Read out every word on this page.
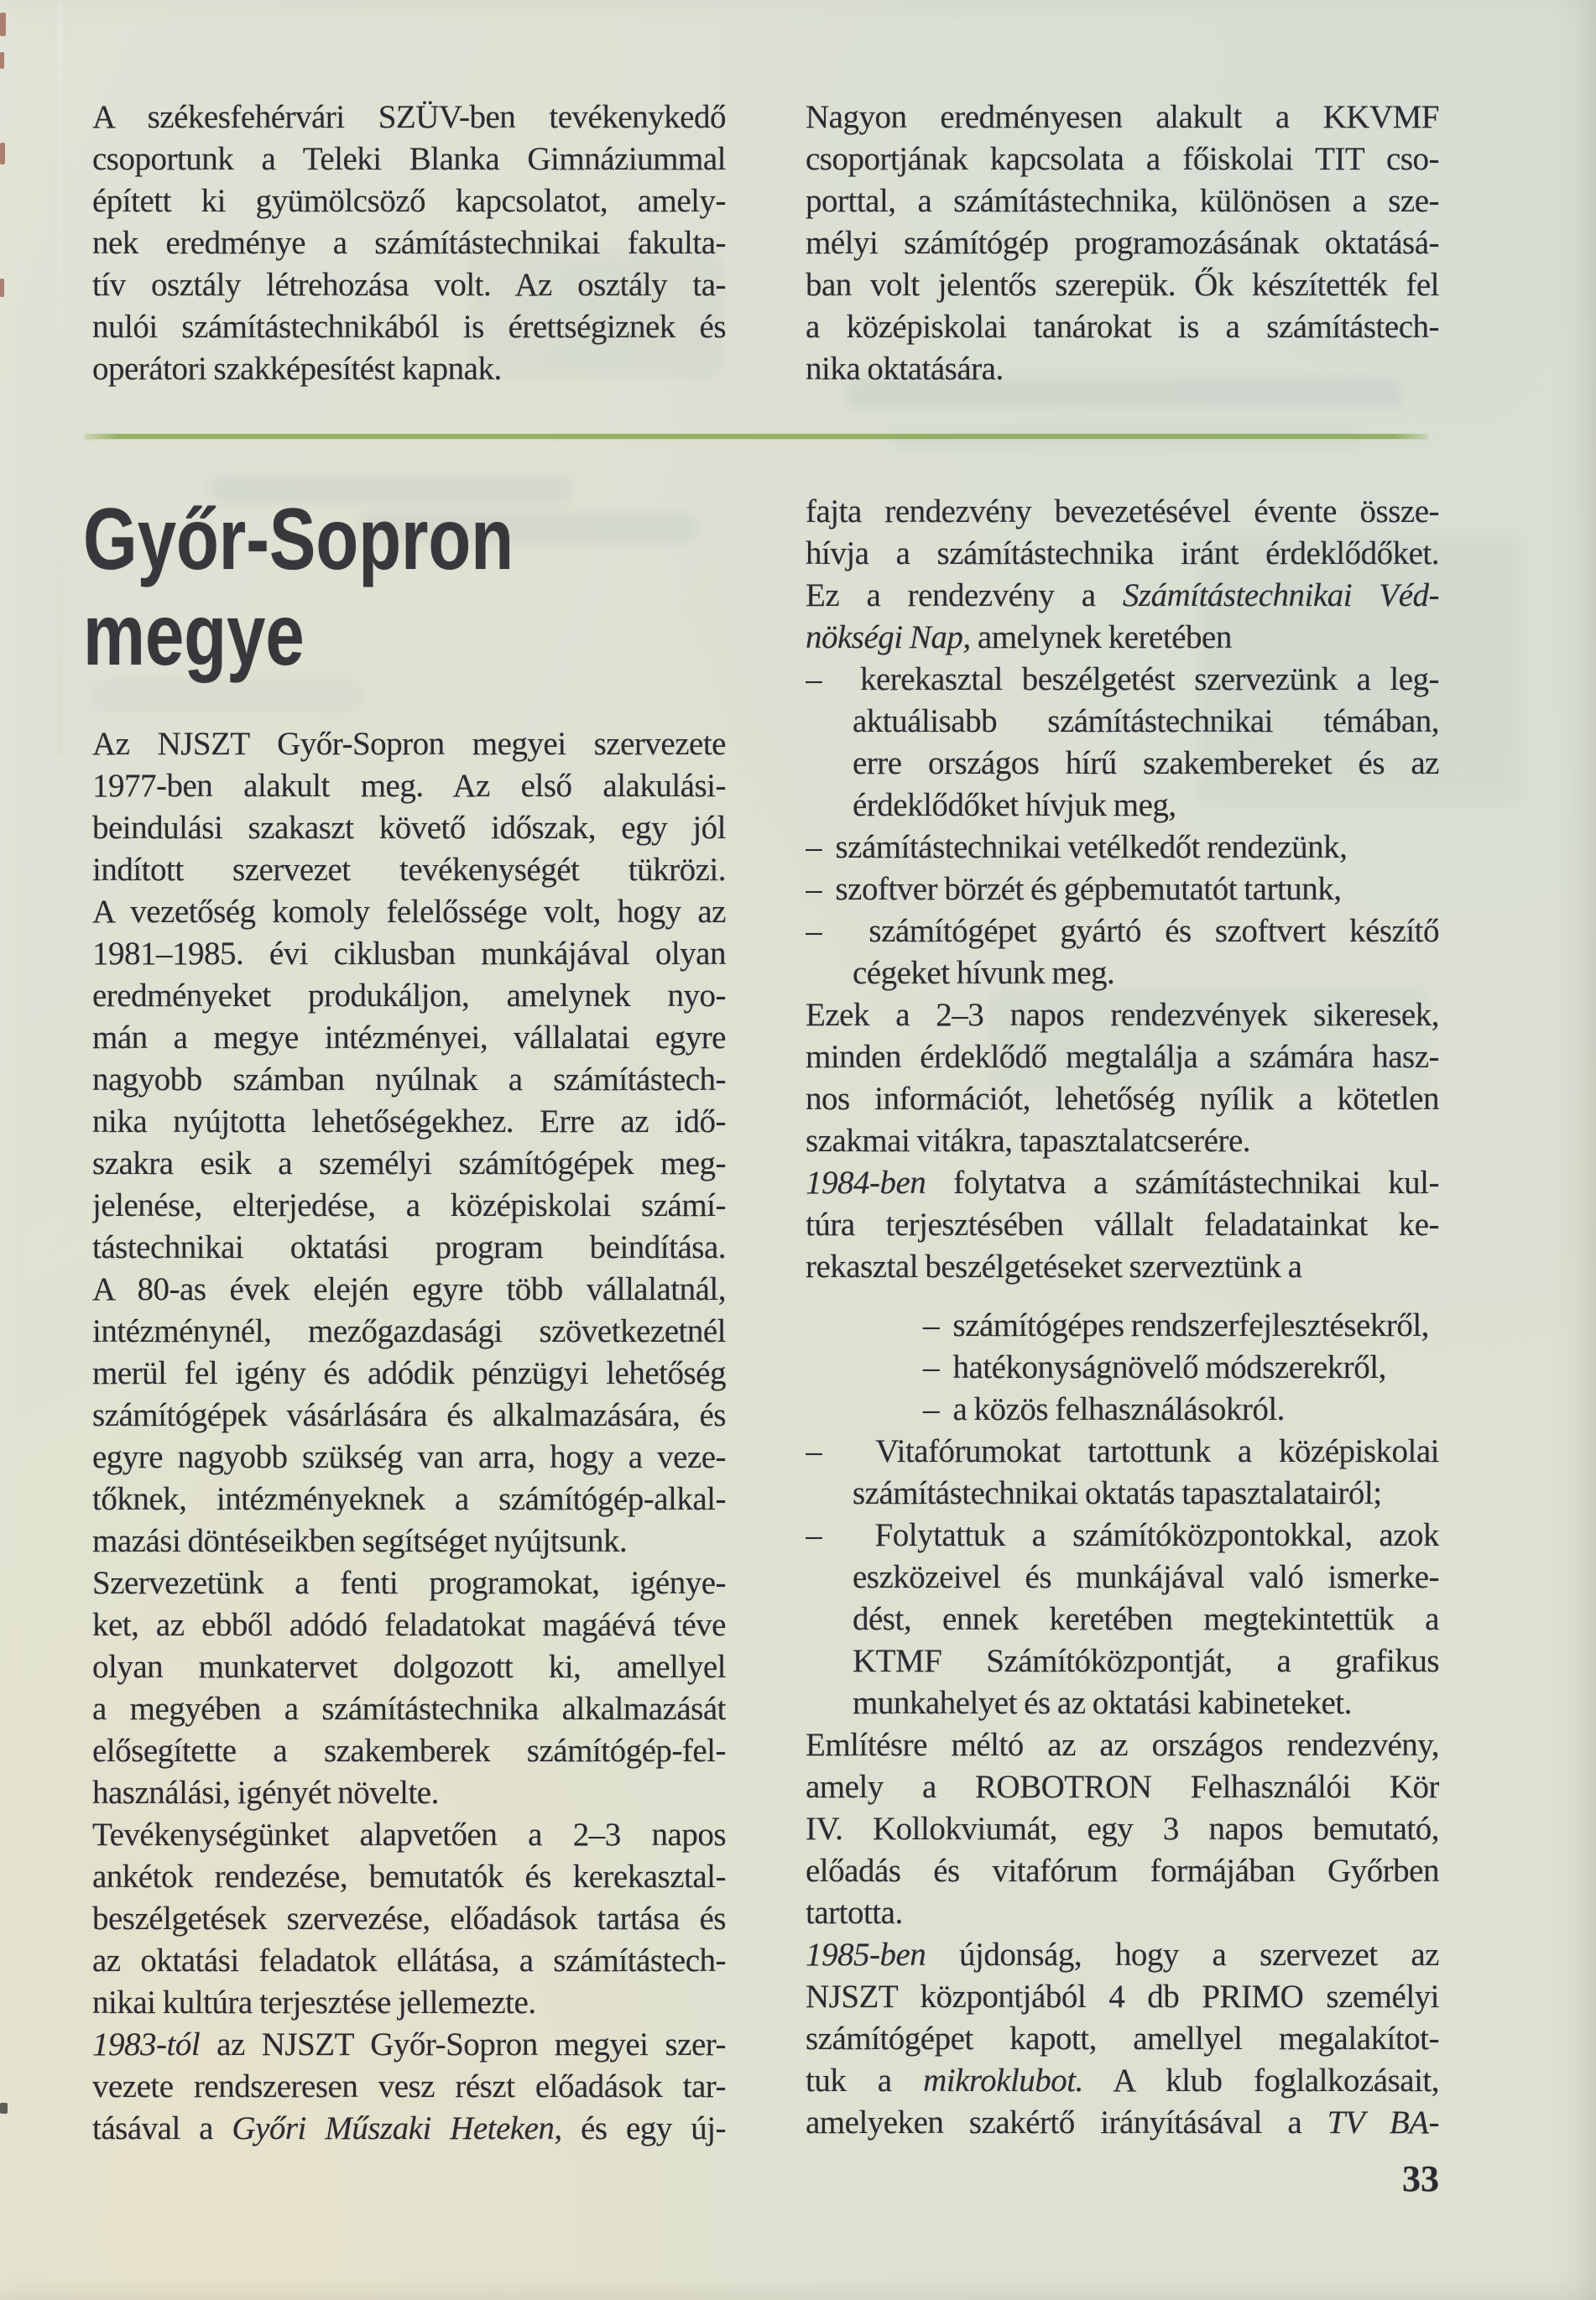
A székesfehérvári SZÜV-ben tevékenykedő
csoportunk a Teleki Blanka Gimnáziummal
épített ki gyümölcsöző kapcsolatot, amely-
nek eredménye a számítástechnikai fakulta-
tív osztály létrehozása volt. Az osztály ta-
nulói számítástechnikából is érettségiznek és
operátori szakképesítést kapnak.
Nagyon eredményesen alakult a KKVMF
csoportjának kapcsolata a főiskolai TIT cso-
porttal, a számítástechnika, különösen a sze-
mélyi számítógép programozásának oktatásá-
ban volt jelentős szerepük. Ők készítették fel
a középiskolai tanárokat is a számítástech-
nika oktatására.
Győr-Sopron
megye
Az NJSZT Győr-Sopron megyei szervezete
1977-ben alakult meg. Az első alakulási-
beindulási szakaszt követő időszak, egy jól
indított szervezet tevékenységét tükrözi.
A vezetőség komoly felelőssége volt, hogy az
1981–1985. évi ciklusban munkájával olyan
eredményeket produkáljon, amelynek nyo-
mán a megye intézményei, vállalatai egyre
nagyobb számban nyúlnak a számítástech-
nika nyújtotta lehetőségekhez. Erre az idő-
szakra esik a személyi számítógépek meg-
jelenése, elterjedése, a középiskolai számí-
tástechnikai oktatási program beindítása.
A 80-as évek elején egyre több vállalatnál,
intézménynél, mezőgazdasági szövetkezetnél
merül fel igény és adódik pénzügyi lehetőség
számítógépek vásárlására és alkalmazására, és
egyre nagyobb szükség van arra, hogy a veze-
tőknek, intézményeknek a számítógép-alkal-
mazási döntéseikben segítséget nyújtsunk.
Szervezetünk a fenti programokat, igénye-
ket, az ebből adódó feladatokat magáévá téve
olyan munkatervet dolgozott ki, amellyel
a megyében a számítástechnika alkalmazását
elősegítette a szakemberek számítógép-fel-
használási, igényét növelte.
Tevékenységünket alapvetően a 2–3 napos
ankétok rendezése, bemutatók és kerekasztal-
beszélgetések szervezése, előadások tartása és
az oktatási feladatok ellátása, a számítástech-
nikai kultúra terjesztése jellemezte.
1983-tól az NJSZT Győr-Sopron megyei szer-
vezete rendszeresen vesz részt előadások tar-
tásával a Győri Műszaki Heteken, és egy új-
fajta rendezvény bevezetésével évente össze-
hívja a számítástechnika iránt érdeklődőket.
Ez a rendezvény a Számítástechnikai Véd-
nökségi Nap, amelynek keretében
–  kerekasztal beszélgetést szervezünk a leg-
aktuálisabb számítástechnikai témában,
erre országos hírű szakembereket és az
érdeklődőket hívjuk meg,
–  számítástechnikai vetélkedőt rendezünk,
–  szoftver börzét és gépbemutatót tartunk,
–  számítógépet gyártó és szoftvert készítő
cégeket hívunk meg.
Ezek a 2–3 napos rendezvények sikeresek,
minden érdeklődő megtalálja a számára hasz-
nos információt, lehetőség nyílik a kötetlen
szakmai vitákra, tapasztalatcserére.
1984-ben folytatva a számítástechnikai kul-
túra terjesztésében vállalt feladatainkat ke-
rekasztal beszélgetéseket szerveztünk a
–  számítógépes rendszerfejlesztésekről,
–  hatékonyságnövelő módszerekről,
–  a közös felhasználásokról.
–  Vitafórumokat tartottunk a középiskolai
számítástechnikai oktatás tapasztalatairól;
–  Folytattuk a számítóközpontokkal, azok
eszközeivel és munkájával való ismerke-
dést, ennek keretében megtekintettük a
KTMF Számítóközpontját, a grafikus
munkahelyet és az oktatási kabineteket.
Említésre méltó az az országos rendezvény,
amely a ROBOTRON Felhasználói Kör
IV. Kollokviumát, egy 3 napos bemutató,
előadás és vitafórum formájában Győrben
tartotta.
1985-ben újdonság, hogy a szervezet az
NJSZT központjából 4 db PRIMO személyi
számítógépet kapott, amellyel megalakítot-
tuk a mikroklubot. A klub foglalkozásait,
amelyeken szakértő irányításával a TV BA-
33
